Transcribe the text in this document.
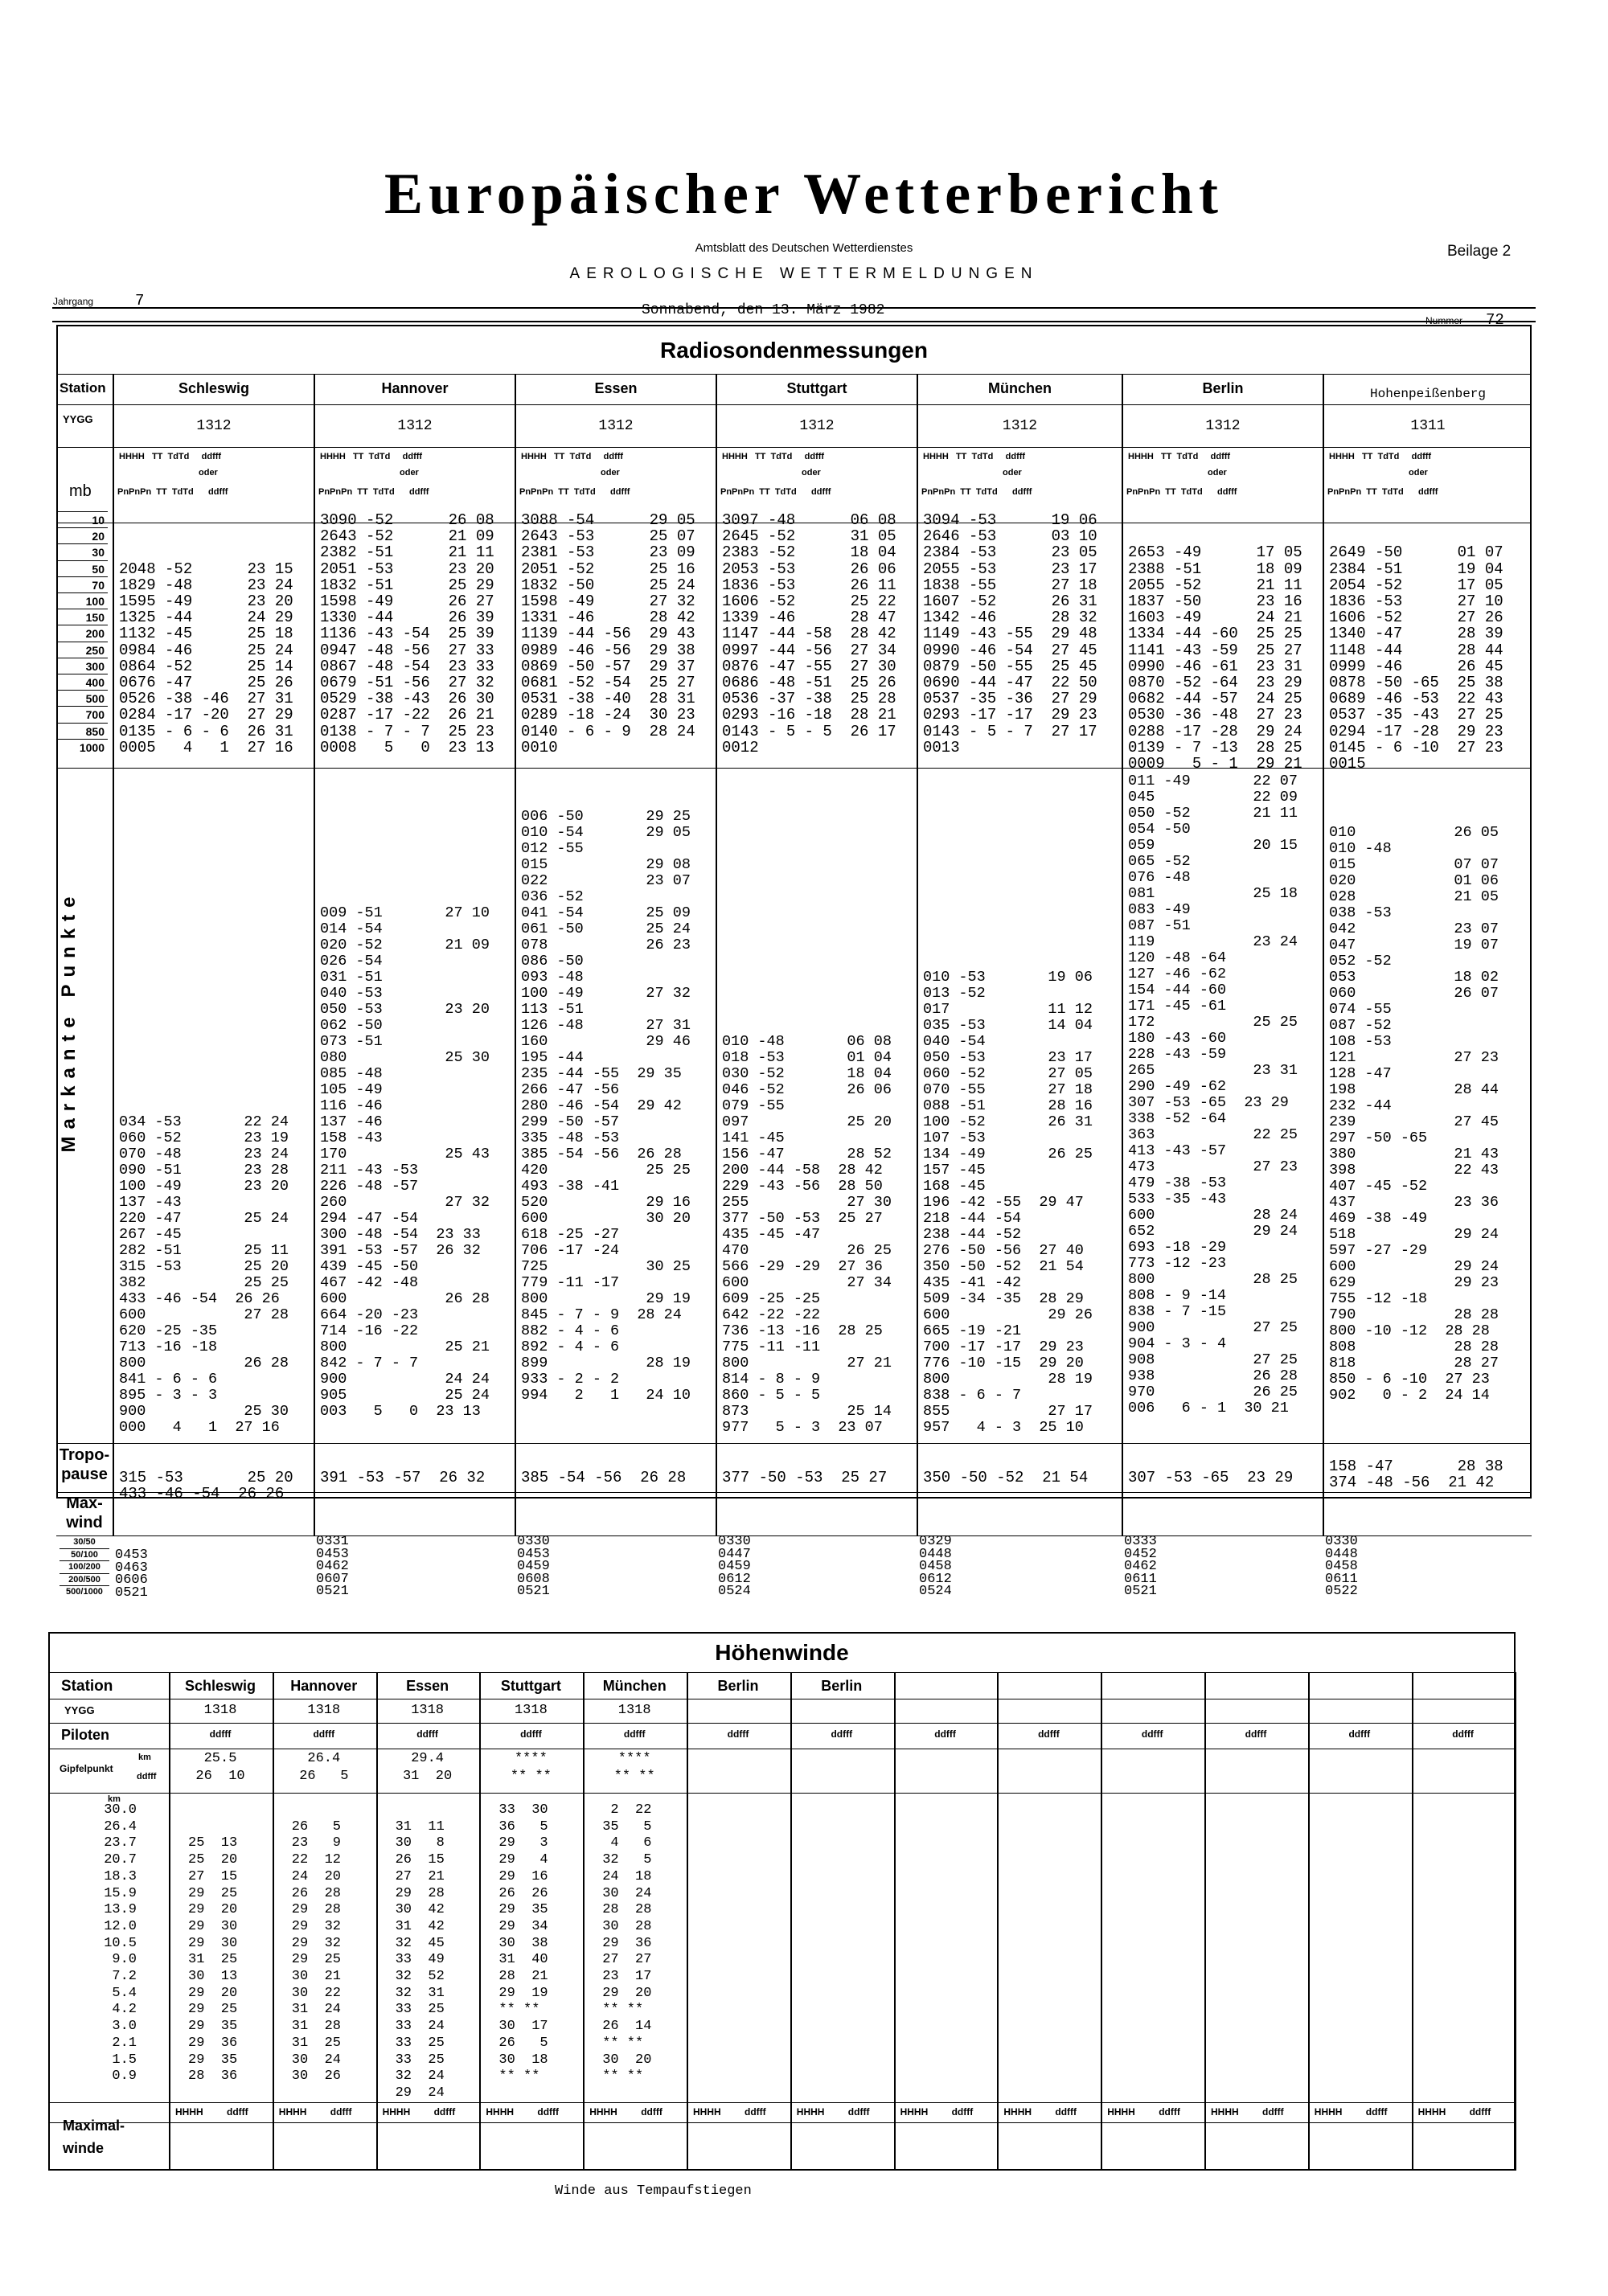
Europäischer Wetterbericht
Amtsblatt des Deutschen Wetterdienstes	Beilage 2
AEROLOGISCHE WETTERMELDUNGEN
Jahrgang	7
Sonnabend, den 13. März 1982
Nummer 72
Radiosondenmessungen
Station
YYGG
mb
Markante Punkte
Tropo-
pause
Max-
wind
10
20
30
50
70
100
150
200
250
300
400
500
700
850
1000
30/50
50/100
100/200
200/500
500/1000
Schleswig
1312
HHHH   TT  TdTd     ddfff
oder
PnPnPn  TT  TdTd      ddfff

2048 -52      23 15
1829 -48      23 24
1595 -49      23 20
1325 -44      24 29
1132 -45      25 18
0984 -46      25 24
0864 -52      25 14
0676 -47      25 26
0526 -38 -46  27 31
0284 -17 -20  27 29
0135 - 6 - 6  26 31
0005   4   1  27 16

034 -53       22 24
060 -52       23 19
070 -48       23 24
090 -51       23 28
100 -49       23 20
137 -43
220 -47       25 24
267 -45
282 -51       25 11
315 -53       25 20
382           25 25
433 -46 -54  26 26
600           27 28
620 -25 -35
713 -16 -18
800           26 28
841 - 6 - 6
895 - 3 - 3
900           25 30
000   4   1  27 16
315 -53       25 20
433 -46 -54  26 26
0453
0463
0606
0521
Hannover
1312
HHHH   TT  TdTd     ddfff
oder
PnPnPn  TT  TdTd      ddfff
3090 -52      26 08
2643 -52      21 09
2382 -51      21 11
2051 -53      23 20
1832 -51      25 29
1598 -49      26 27
1330 -44      26 39
1136 -43 -54  25 39
0947 -48 -56  27 33
0867 -48 -54  23 33
0679 -51 -56  27 32
0529 -38 -43  26 30
0287 -17 -22  26 21
0138 - 7 - 7  25 23
0008   5   0  23 13

009 -51       27 10
014 -54
020 -52       21 09
026 -54
031 -51
040 -53
050 -53       23 20
062 -50
073 -51
080           25 30
085 -48
105 -49
116 -46
137 -46
158 -43
170           25 43
211 -43 -53
226 -48 -57
260           27 32
294 -47 -54
300 -48 -54  23 33
391 -53 -57  26 32
439 -45 -50
467 -42 -48
600           26 28
664 -20 -23
714 -16 -22
800           25 21
842 - 7 - 7
900           24 24
905           25 24
003   5   0  23 13
391 -53 -57  26 32
0331
0453
0462
0607
0521
Essen
1312
HHHH   TT  TdTd     ddfff
oder
PnPnPn  TT  TdTd      ddfff
3088 -54      29 05
2643 -53      25 07
2381 -53      23 09
2051 -52      25 16
1832 -50      25 24
1598 -49      27 32
1331 -46      28 42
1139 -44 -56  29 43
0989 -46 -56  29 38
0869 -50 -57  29 37
0681 -52 -54  25 27
0531 -38 -40  28 31
0289 -18 -24  30 23
0140 - 6 - 9  28 24
0010

006 -50       29 25
010 -54       29 05
012 -55
015           29 08
022           23 07
036 -52
041 -54       25 09
061 -50       25 24
078           26 23
086 -50
093 -48
100 -49       27 32
113 -51
126 -48       27 31
160           29 46
195 -44
235 -44 -55  29 35
266 -47 -56
280 -46 -54  29 42
299 -50 -57
335 -48 -53
385 -54 -56  26 28
420           25 25
493 -38 -41
520           29 16
600           30 20
618 -25 -27
706 -17 -24
725           30 25
779 -11 -17
800           29 19
845 - 7 - 9  28 24
882 - 4 - 6
892 - 4 - 6
899           28 19
933 - 2 - 2
994   2   1   24 10
385 -54 -56  26 28
0330
0453
0459
0608
0521
Stuttgart
1312
HHHH   TT  TdTd     ddfff
oder
PnPnPn  TT  TdTd      ddfff
3097 -48      06 08
2645 -52      31 05
2383 -52      18 04
2053 -53      26 06
1836 -53      26 11
1606 -52      25 22
1339 -46      28 47
1147 -44 -58  28 42
0997 -44 -56  27 34
0876 -47 -55  27 30
0686 -48 -51  25 26
0536 -37 -38  25 28
0293 -16 -18  28 21
0143 - 5 - 5  26 17
0012

010 -48       06 08
018 -53       01 04
030 -52       18 04
046 -52       26 06
079 -55
097           25 20
141 -45
156 -47       28 52
200 -44 -58  28 42
229 -43 -56  28 50
255           27 30
377 -50 -53  25 27
435 -45 -47
470           26 25
566 -29 -29  27 36
600           27 34
609 -25 -25
642 -22 -22
736 -13 -16  28 25
775 -11 -11
800           27 21
814 - 8 - 9
860 - 5 - 5
873           25 14
977   5 - 3  23 07
377 -50 -53  25 27
0330
0447
0459
0612
0524
München
1312
HHHH   TT  TdTd     ddfff
oder
PnPnPn  TT  TdTd      ddfff
3094 -53      19 06
2646 -53      03 10
2384 -53      23 05
2055 -53      23 17
1838 -55      27 18
1607 -52      26 31
1342 -46      28 32
1149 -43 -55  29 48
0990 -46 -54  27 45
0879 -50 -55  25 45
0690 -44 -47  22 50
0537 -35 -36  27 29
0293 -17 -17  29 23
0143 - 5 - 7  27 17
0013

010 -53       19 06
013 -52
017           11 12
035 -53       14 04
040 -54
050 -53       23 17
060 -52       27 05
070 -55       27 18
088 -51       28 16
100 -52       26 31
107 -53
134 -49       26 25
157 -45
168 -45
196 -42 -55  29 47
218 -44 -54
238 -44 -52
276 -50 -56  27 40
350 -50 -52  21 54
435 -41 -42
509 -34 -35  28 29
600           29 26
665 -19 -21
700 -17 -17  29 23
776 -10 -15  29 20
800           28 19
838 - 6 - 7
855           27 17
957   4 - 3  25 10
350 -50 -52  21 54
0329
0448
0458
0612
0524
Berlin
1312
HHHH   TT  TdTd     ddfff
oder
PnPnPn  TT  TdTd      ddfff

2653 -49      17 05
2388 -51      18 09
2055 -52      21 11
1837 -50      23 16
1603 -49      24 21
1334 -44 -60  25 25
1141 -43 -59  25 27
0990 -46 -61  23 31
0870 -52 -64  23 29
0682 -44 -57  24 25
0530 -36 -48  27 23
0288 -17 -28  29 24
0139 - 7 -13  28 25
0009   5 - 1  29 21
011 -49       22 07
045           22 09
050 -52       21 11
054 -50
059           20 15
065 -52
076 -48
081           25 18
083 -49
087 -51
119           23 24
120 -48 -64
127 -46 -62
154 -44 -60
171 -45 -61
172           25 25
180 -43 -60
228 -43 -59
265           23 31
290 -49 -62
307 -53 -65  23 29
338 -52 -64
363           22 25
413 -43 -57
473           27 23
479 -38 -53
533 -35 -43
600           28 24
652           29 24
693 -18 -29
773 -12 -23
800           28 25
808 - 9 -14
838 - 7 -15
900           27 25
904 - 3 - 4
908           27 25
938           26 28
970           26 25
006   6 - 1  30 21
307 -53 -65  23 29
0333
0452
0462
0611
0521
Hohenpeißenberg
1311
HHHH   TT  TdTd     ddfff
oder
PnPnPn  TT  TdTd      ddfff

2649 -50      01 07
2384 -51      19 04
2054 -52      17 05
1836 -53      27 10
1606 -52      27 26
1340 -47      28 39
1148 -44      28 44
0999 -46      26 45
0878 -50 -65  25 38
0689 -46 -53  22 43
0537 -35 -43  27 25
0294 -17 -28  29 23
0145 - 6 -10  27 23
0015

010           26 05
010 -48
015           07 07
020           01 06
028           21 05
038 -53
042           23 07
047           19 07
052 -52
053           18 02
060           26 07
074 -55
087 -52
108 -53
121           27 23
128 -47
198           28 44
232 -44
239           27 45
297 -50 -65
380           21 43
398           22 43
407 -45 -52
437           23 36
469 -38 -49
518           29 24
597 -27 -29
600           29 24
629           29 23
755 -12 -18
790           28 28
800 -10 -12  28 28
808           28 28
818           28 27
850 - 6 -10  27 23
902   0 - 2  24 14
158 -47       28 38
374 -48 -56  21 42
0330
0448
0458
0611
0522
Höhenwinde
Station
YYGG
Piloten
Gipfelpunkt
km
ddfff
km
Maximal-
winde
30.0
26.4
23.7
20.7
18.3
15.9
13.9
12.0
10.5
9.0
7.2
5.4
4.2
3.0
2.1
1.5
0.9
Schleswig
1318
ddfff
HHHH ddfff
25.5
26  10

25  13
25  20
27  15
29  25
29  20
29  30
29  30
31  25
30  13
29  20
29  25
29  35
29  36
29  35
28  36
Hannover
1318
ddfff
HHHH ddfff
26.4
26   5

26   5
23   9
22  12
24  20
26  28
29  28
29  32
29  32
29  25
30  21
30  22
31  24
31  28
31  25
30  24
30  26
Essen
1318
ddfff
HHHH ddfff
29.4
31  20

31  11
30   8
26  15
27  21
29  28
30  42
31  42
32  45
33  49
32  52
32  31
33  25
33  24
33  25
33  25
32  24
29  24
Stuttgart
1318
ddfff
HHHH ddfff
****
** **
33  30
36   5
29   3
29   4
29  16
26  26
29  35
29  34
30  38
31  40
28  21
29  19
** **
30  17
26   5
30  18
** **
München
1318
ddfff
HHHH ddfff
****
** **
2  22
35   5
4   6
32   5
24  18
30  24
28  28
30  28
29  36
27  27
23  17
29  20
** **
26  14
** **
30  20
** **
Berlin
ddfff
HHHH ddfff
Berlin
ddfff
HHHH ddfff
ddfff
HHHH ddfff
ddfff
HHHH ddfff
ddfff
HHHH ddfff
ddfff
HHHH ddfff
ddfff
HHHH ddfff
ddfff
HHHH ddfff
Winde aus Tempaufstiegen
